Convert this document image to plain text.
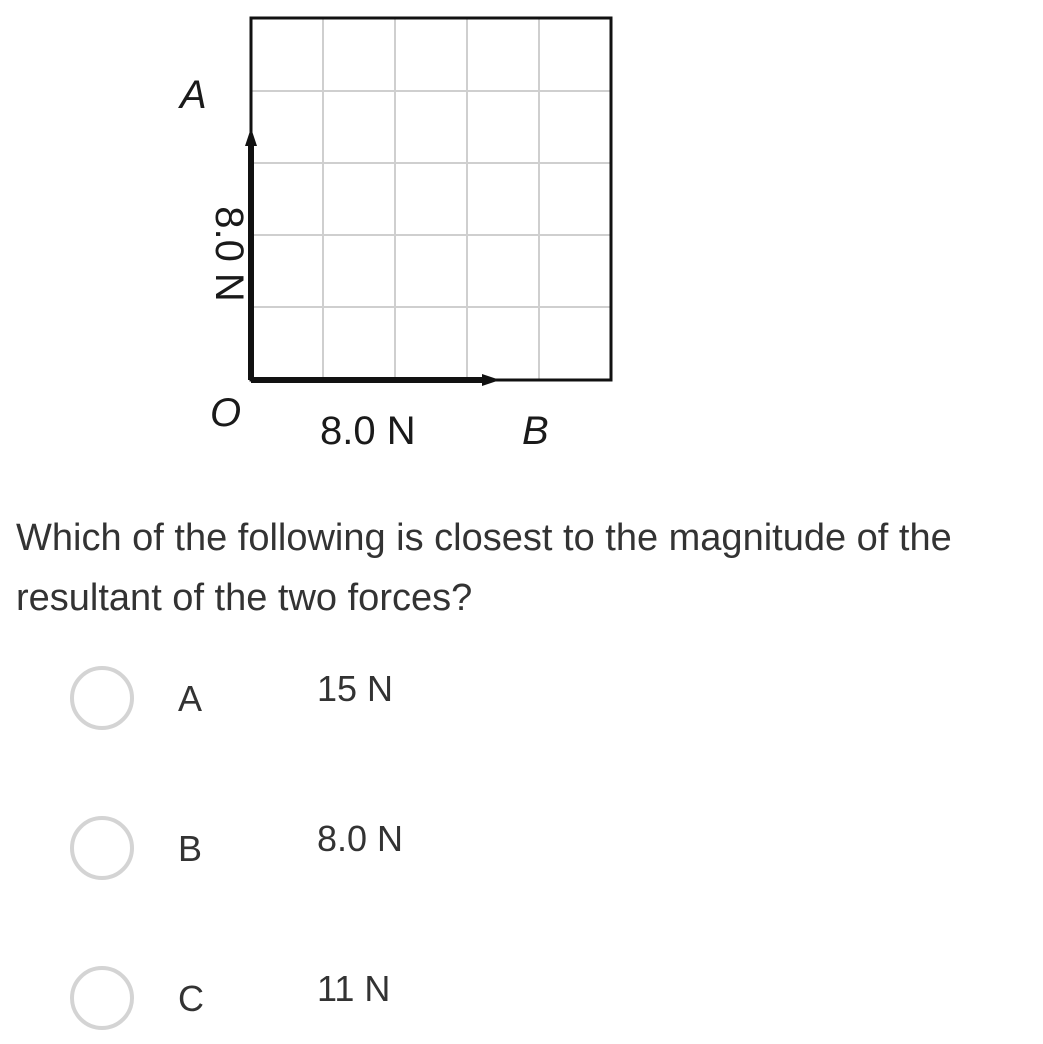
A
8.0 N
O 8.0 N	B

Which of the following is closest to the magnitude of the resultant of the two forces?

A	15 N
B	8.0 N
C	11 N
